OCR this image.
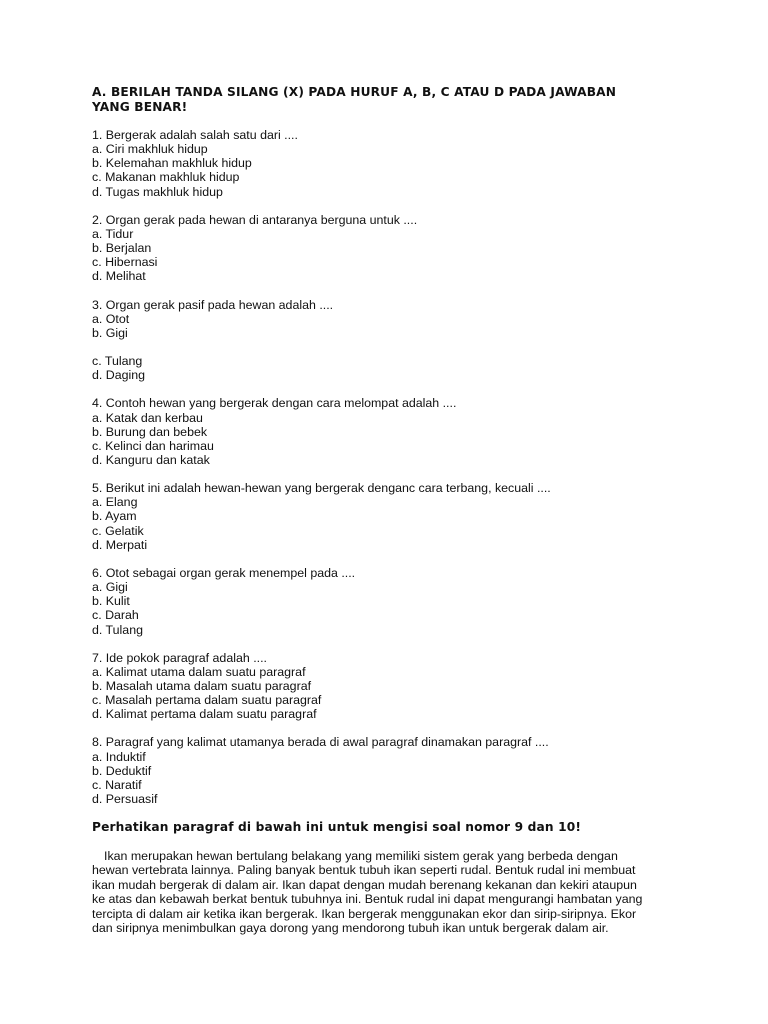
A. BERILAH TANDA SILANG (X) PADA HURUF A, B, C ATAU D PADA JAWABAN
YANG BENAR!
1. Bergerak adalah salah satu dari ....
a. Ciri makhluk hidup
b. Kelemahan makhluk hidup
c. Makanan makhluk hidup
d. Tugas makhluk hidup
2. Organ gerak pada hewan di antaranya berguna untuk ....
a. Tidur
b. Berjalan
c. Hibernasi
d. Melihat
3. Organ gerak pasif pada hewan adalah ....
a. Otot
b. Gigi
c. Tulang
d. Daging
4. Contoh hewan yang bergerak dengan cara melompat adalah ....
a. Katak dan kerbau
b. Burung dan bebek
c. Kelinci dan harimau
d. Kanguru dan katak
5. Berikut ini adalah hewan-hewan yang bergerak denganc cara terbang, kecuali ....
a. Elang
b. Ayam
c. Gelatik
d. Merpati
6. Otot sebagai organ gerak menempel pada ....
a. Gigi
b. Kulit
c. Darah
d. Tulang
7. Ide pokok paragraf adalah ....
a. Kalimat utama dalam suatu paragraf
b. Masalah utama dalam suatu paragraf
c. Masalah pertama dalam suatu paragraf
d. Kalimat pertama dalam suatu paragraf
8. Paragraf yang kalimat utamanya berada di awal paragraf dinamakan paragraf ....
a. Induktif
b. Deduktif
c. Naratif
d. Persuasif
Perhatikan paragraf di bawah ini untuk mengisi soal nomor 9 dan 10!
Ikan merupakan hewan bertulang belakang yang memiliki sistem gerak yang berbeda dengan
hewan vertebrata lainnya. Paling banyak bentuk tubuh ikan seperti rudal. Bentuk rudal ini membuat
ikan mudah bergerak di dalam air. Ikan dapat dengan mudah berenang kekanan dan kekiri ataupun
ke atas dan kebawah berkat bentuk tubuhnya ini. Bentuk rudal ini dapat mengurangi hambatan yang
tercipta di dalam air ketika ikan bergerak. Ikan bergerak menggunakan ekor dan sirip-siripnya. Ekor
dan siripnya menimbulkan gaya dorong yang mendorong tubuh ikan untuk bergerak dalam air.
